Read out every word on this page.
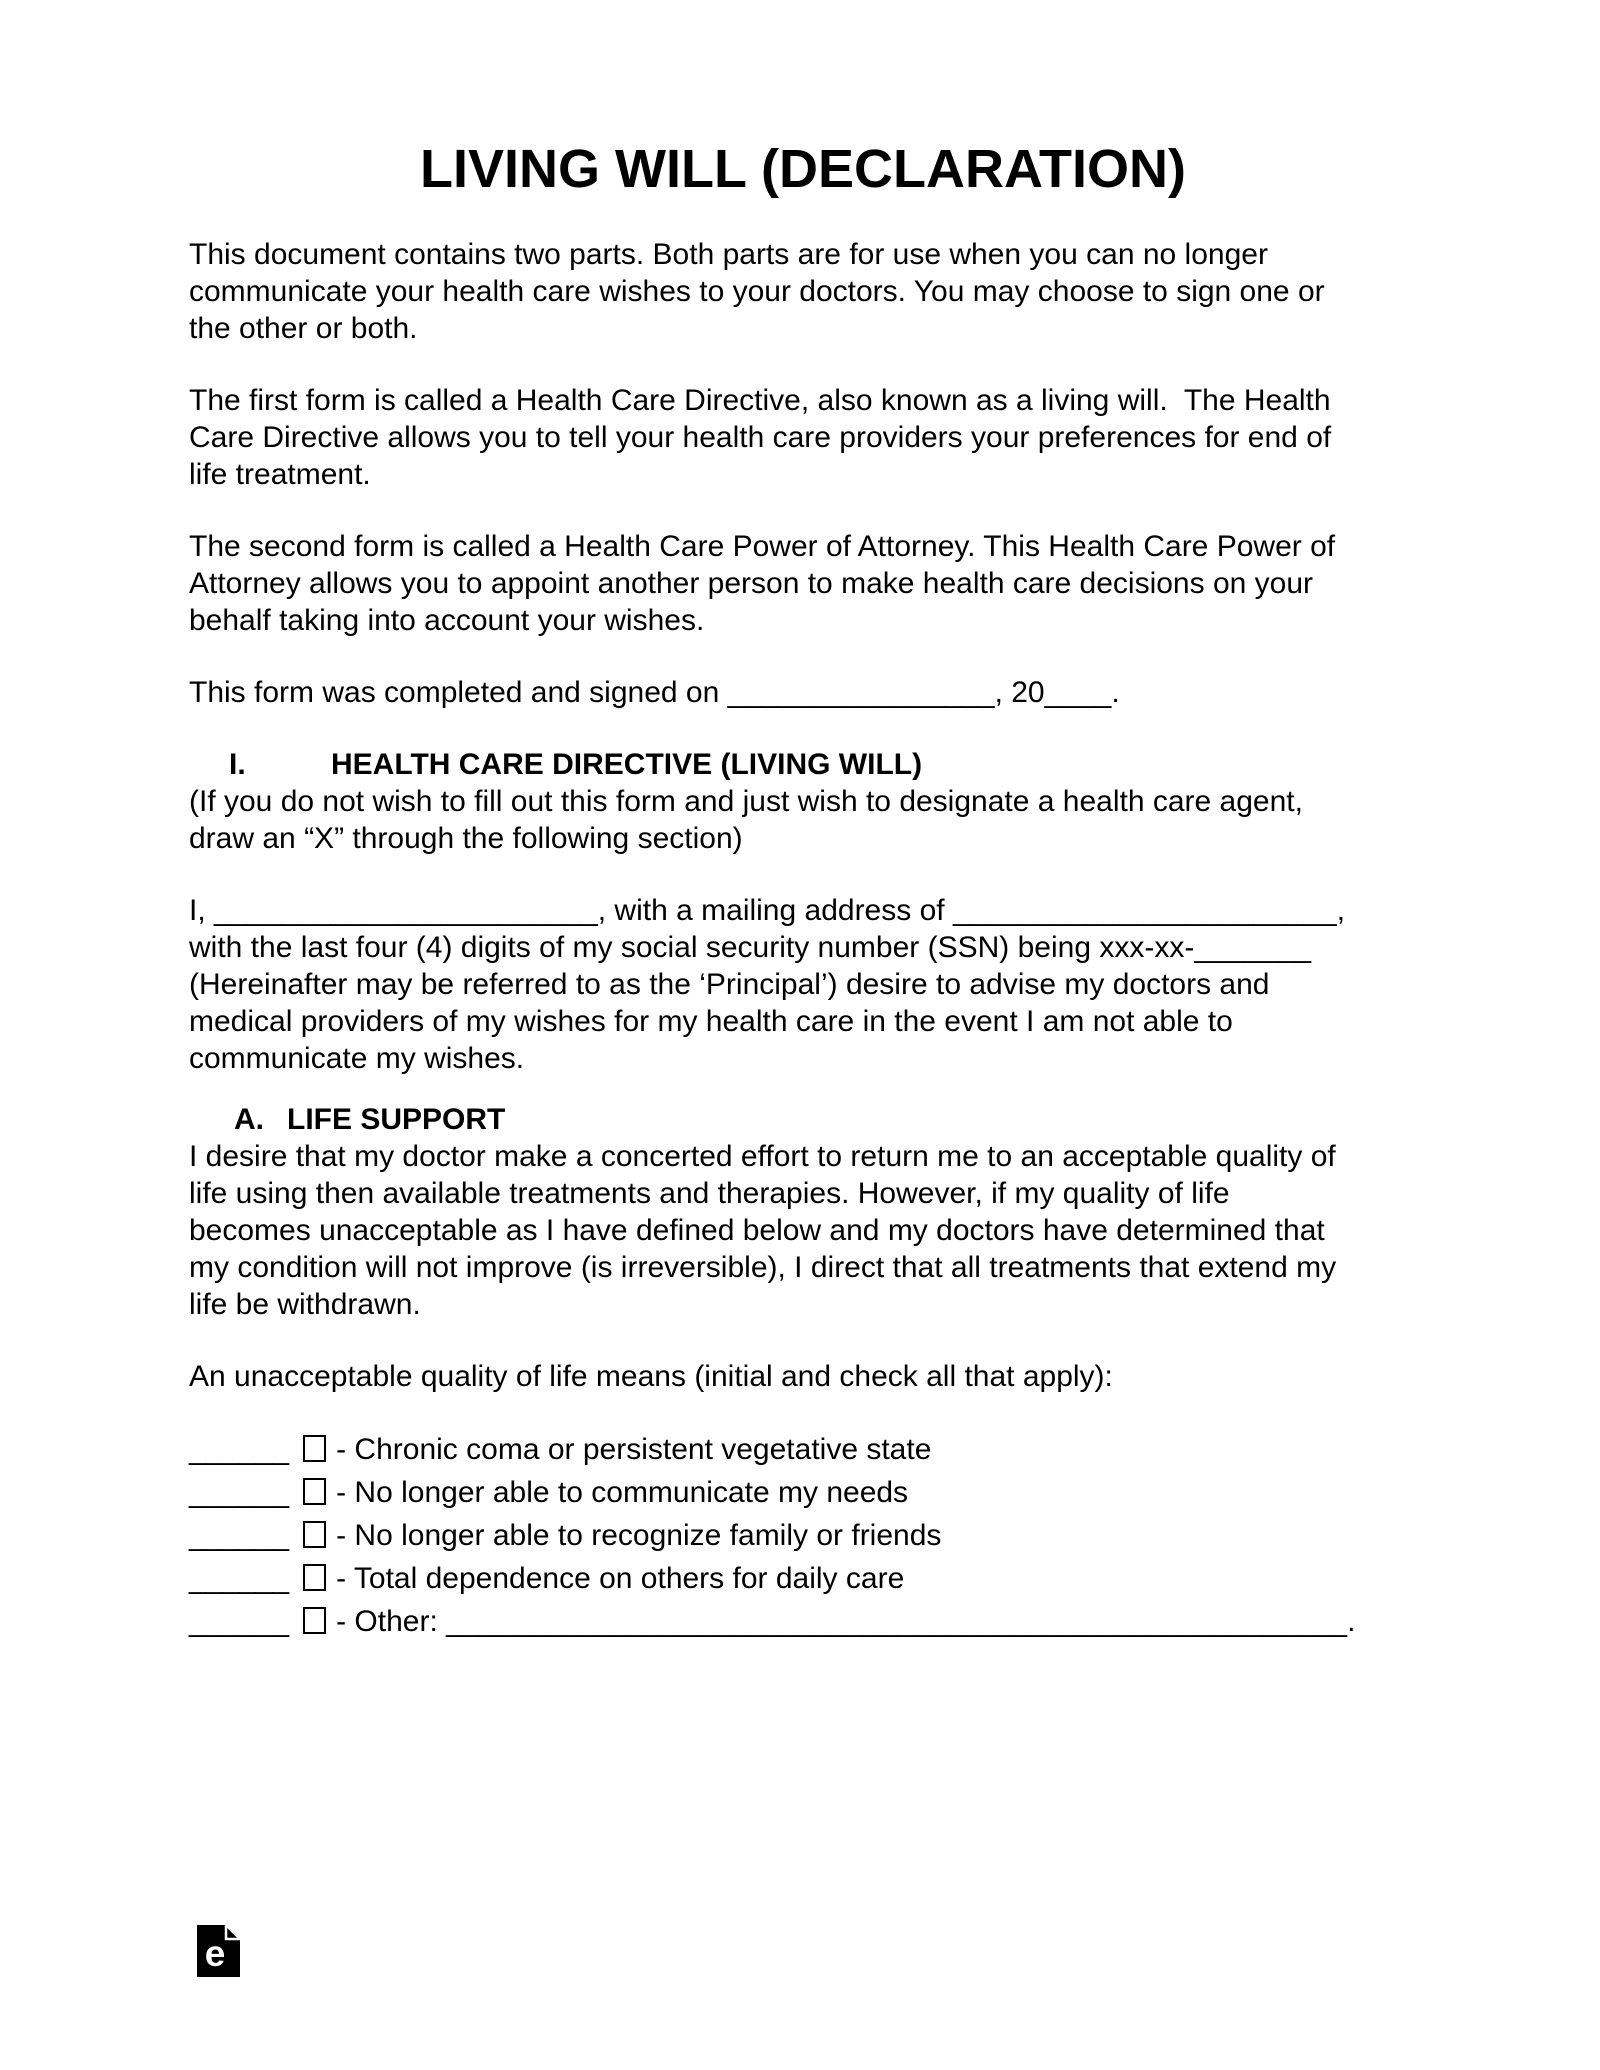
LIVING WILL (DECLARATION)
This document contains two parts. Both parts are for use when you can no longer
communicate your health care wishes to your doctors. You may choose to sign one or
the other or both.
The first form is called a Health Care Directive, also known as a living will.  The Health
Care Directive allows you to tell your health care providers your preferences for end of
life treatment.
The second form is called a Health Care Power of Attorney. This Health Care Power of
Attorney allows you to appoint another person to make health care decisions on your
behalf taking into account your wishes.
This form was completed and signed on ________________, 20____.
I.	HEALTH CARE DIRECTIVE (LIVING WILL)
(If you do not wish to fill out this form and just wish to designate a health care agent,
draw an “X” through the following section)
I, _______________________, with a mailing address of _______________________,
with the last four (4) digits of my social security number (SSN) being xxx-xx-_______
(Hereinafter may be referred to as the ‘Principal’) desire to advise my doctors and
medical providers of my wishes for my health care in the event I am not able to
communicate my wishes.
A. LIFE SUPPORT
I desire that my doctor make a concerted effort to return me to an acceptable quality of
life using then available treatments and therapies. However, if my quality of life
becomes unacceptable as I have defined below and my doctors have determined that
my condition will not improve (is irreversible), I direct that all treatments that extend my
life be withdrawn.
An unacceptable quality of life means (initial and check all that apply):
______ - Chronic coma or persistent vegetative state
______ - No longer able to communicate my needs
______ - No longer able to recognize family or friends
______ - Total dependence on others for daily care
______ - Other: ______________________________________________________.
e
